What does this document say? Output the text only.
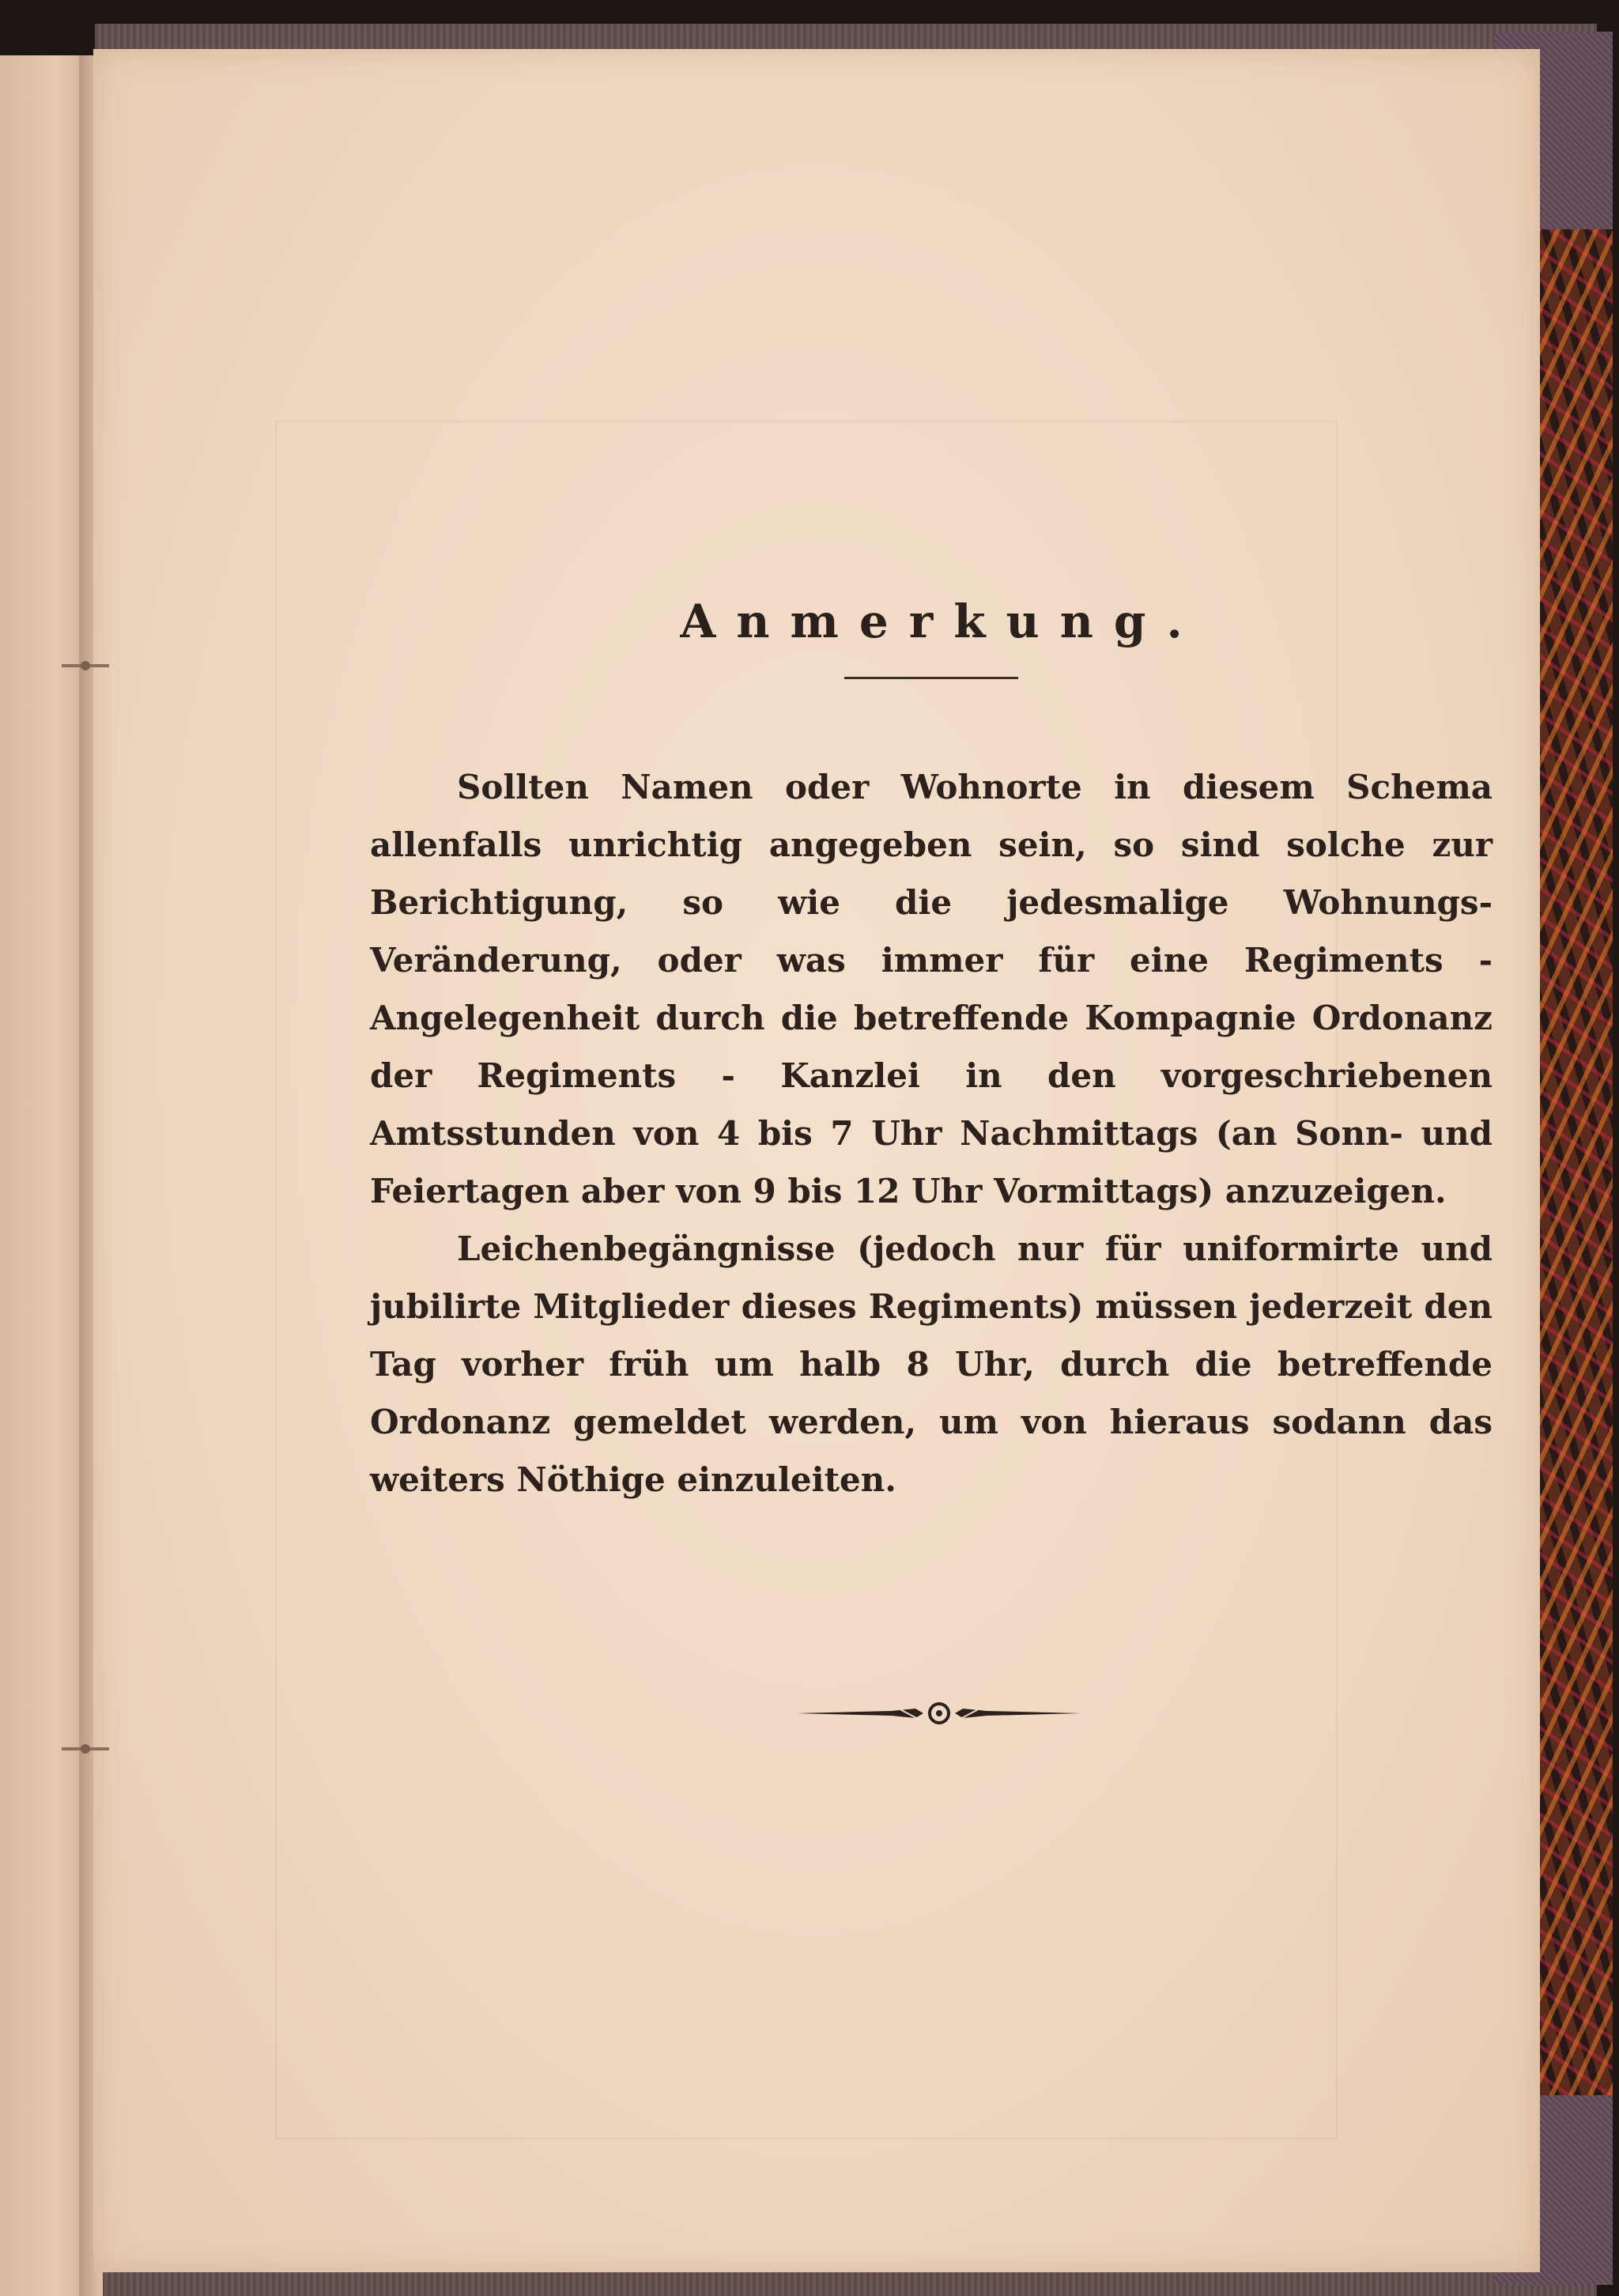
Anmerkung.

Sollten Namen oder Wohnorte in diesem Schema allenfalls unrichtig angegeben sein, so sind solche zur Berichtigung, so wie die jedesmalige Wohnungs-Veränderung, oder was immer für eine Regiments - Angelegenheit durch die betreffende Kompagnie Ordonanz der Regiments - Kanzlei in den vorgeschriebenen Amtsstunden von 4 bis 7 Uhr Nachmittags (an Sonn- und Feiertagen aber von 9 bis 12 Uhr Vormittags) anzuzeigen.

Leichenbegängnisse (jedoch nur für uniformirte und jubilirte Mitglieder dieses Regiments) müssen jederzeit den Tag vorher früh um halb 8 Uhr, durch die betreffende Ordonanz gemeldet werden, um von hieraus sodann das weiters Nöthige einzuleiten.
